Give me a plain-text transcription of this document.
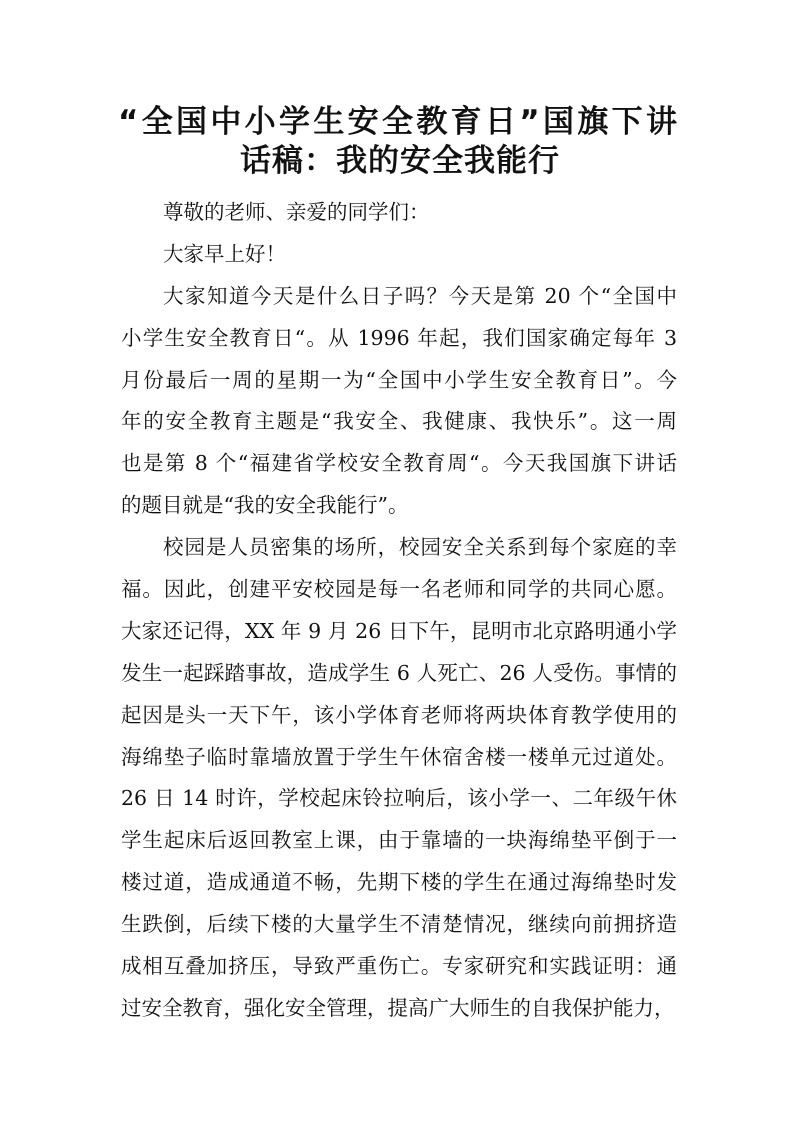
“全国中小学生安全教育日”国旗下讲
话稿：我的安全我能行
尊敬的老师、亲爱的同学们：
大家早上好！
大家知道今天是什么日子吗？今天是第 20 个“全国中
小学生安全教育日“。从 1996 年起，我们国家确定每年 3
月份最后一周的星期一为“全国中小学生安全教育日”。今
年的安全教育主题是“我安全、我健康、我快乐”。这一周
也是第 8 个“福建省学校安全教育周“。今天我国旗下讲话
的题目就是“我的安全我能行”。
校园是人员密集的场所，校园安全关系到每个家庭的幸
福。因此，创建平安校园是每一名老师和同学的共同心愿。
大家还记得，XX 年 9 月 26 日下午，昆明市北京路明通小学
发生一起踩踏事故，造成学生 6 人死亡、26 人受伤。事情的
起因是头一天下午，该小学体育老师将两块体育教学使用的
海绵垫子临时靠墙放置于学生午休宿舍楼一楼单元过道处。
26 日 14 时许，学校起床铃拉响后，该小学一、二年级午休
学生起床后返回教室上课，由于靠墙的一块海绵垫平倒于一
楼过道，造成通道不畅，先期下楼的学生在通过海绵垫时发
生跌倒，后续下楼的大量学生不清楚情况，继续向前拥挤造
成相互叠加挤压，导致严重伤亡。专家研究和实践证明：通
过安全教育，强化安全管理，提高广大师生的自我保护能力，
